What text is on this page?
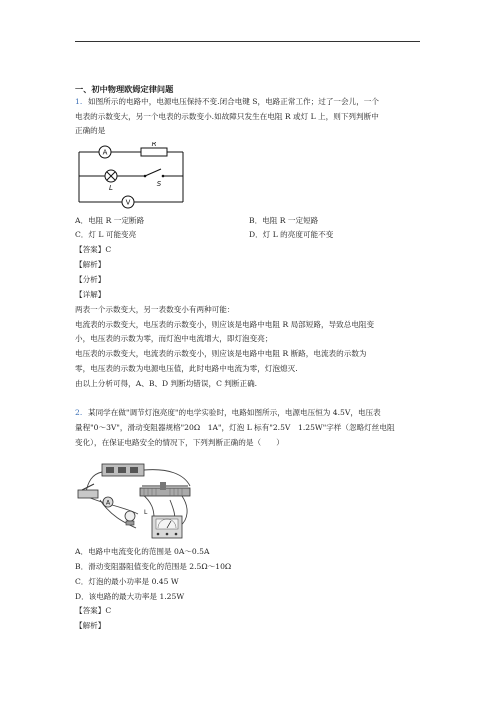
一、初中物理欧姆定律问题
1. 如图所示的电路中，电源电压保持不变.闭合电键 S，电路正常工作；过了一会儿，一个
电表的示数变大，另一个电表的示数变小.如故障只发生在电阻 R 或灯 L 上，则下列判断中
正确的是
A
R
L	S
V
A．电阻 R 一定断路	B．电阻 R 一定短路
C．灯 L 可能变亮	D．灯 L 的亮度可能不变
【答案】C
【解析】
【分析】
【详解】
两表一个示数变大，另一表数变小有两种可能：
电流表的示数变大，电压表的示数变小，则应该是电路中电阻 R 局部短路，导致总电阻变
小，电压表的示数为零，而灯泡中电流增大，即灯泡变亮；
电压表的示数变大，电流表的示数变小，则应该是电路中电阻 R 断路，电流表的示数为
零，电压表的示数为电源电压值，此时电路中电流为零，灯泡熄灭.
由以上分析可得，A、B、D 判断均错误，C 判断正确.
2. 某同学在做"调节灯泡亮度"的电学实验时，电路如图所示，电源电压恒为 4.5V，电压表
量程"0～3V"，滑动变阻器规格"20Ω　1A"，灯泡 L 标有"2.5V　1.25W"字样（忽略灯丝电阻
变化），在保证电路安全的情况下，下列判断正确的是（　　）
A
L
A．电路中电流变化的范围是 0A～0.5A
B．滑动变阻器阻值变化的范围是 2.5Ω～10Ω
C．灯泡的最小功率是 0.45 W
D．该电路的最大功率是 1.25W
【答案】C
【解析】
